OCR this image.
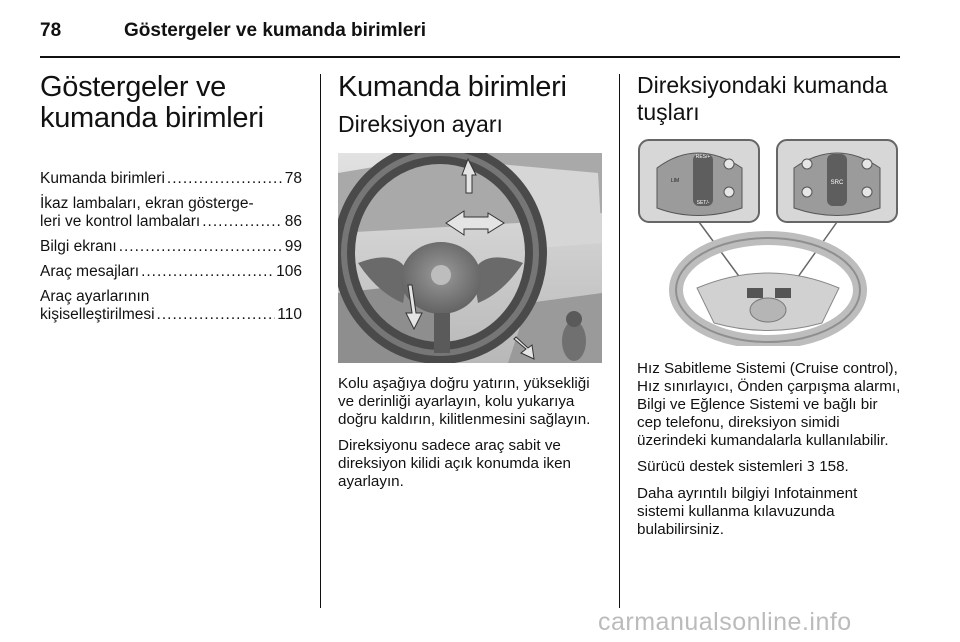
78	Göstergeler ve kumanda birimleri
Göstergeler ve
kumanda birimleri
Kumanda birimleri .....	78
İkaz lambaları, ekran gösterge-
leri ve kontrol lambaları .....	86
Bilgi ekranı .....	99
Araç mesajları .....	106
Araç ayarlarının
kişiselleştirilmesi .....	110
Kumanda birimleri
Direksiyon ayarı

Kolu aşağıya doğru yatırın, yüksekliği ve derinliği ayarlayın, kolu yukarıya doğru kaldırın, kilitlenmesini sağlayın.

Direksiyonu sadece araç sabit ve direksiyon kilidi açık konumda iken ayarlayın.

Direksiyondaki kumanda
tuşları
RES/+
SET/-
LIM	SRC

Hız Sabitleme Sistemi (Cruise control), Hız sınırlayıcı, Önden çarpışma alarmı, Bilgi ve Eğlence Sistemi ve bağlı bir cep telefonu, direksiyon simidi üzerindeki kumandalarla kullanılabilir.

Sürücü destek sistemleri 3 158.

Daha ayrıntılı bilgiyi Infotainment sistemi kullanma kılavuzunda bulabilirsiniz.

carmanualsonline.info
